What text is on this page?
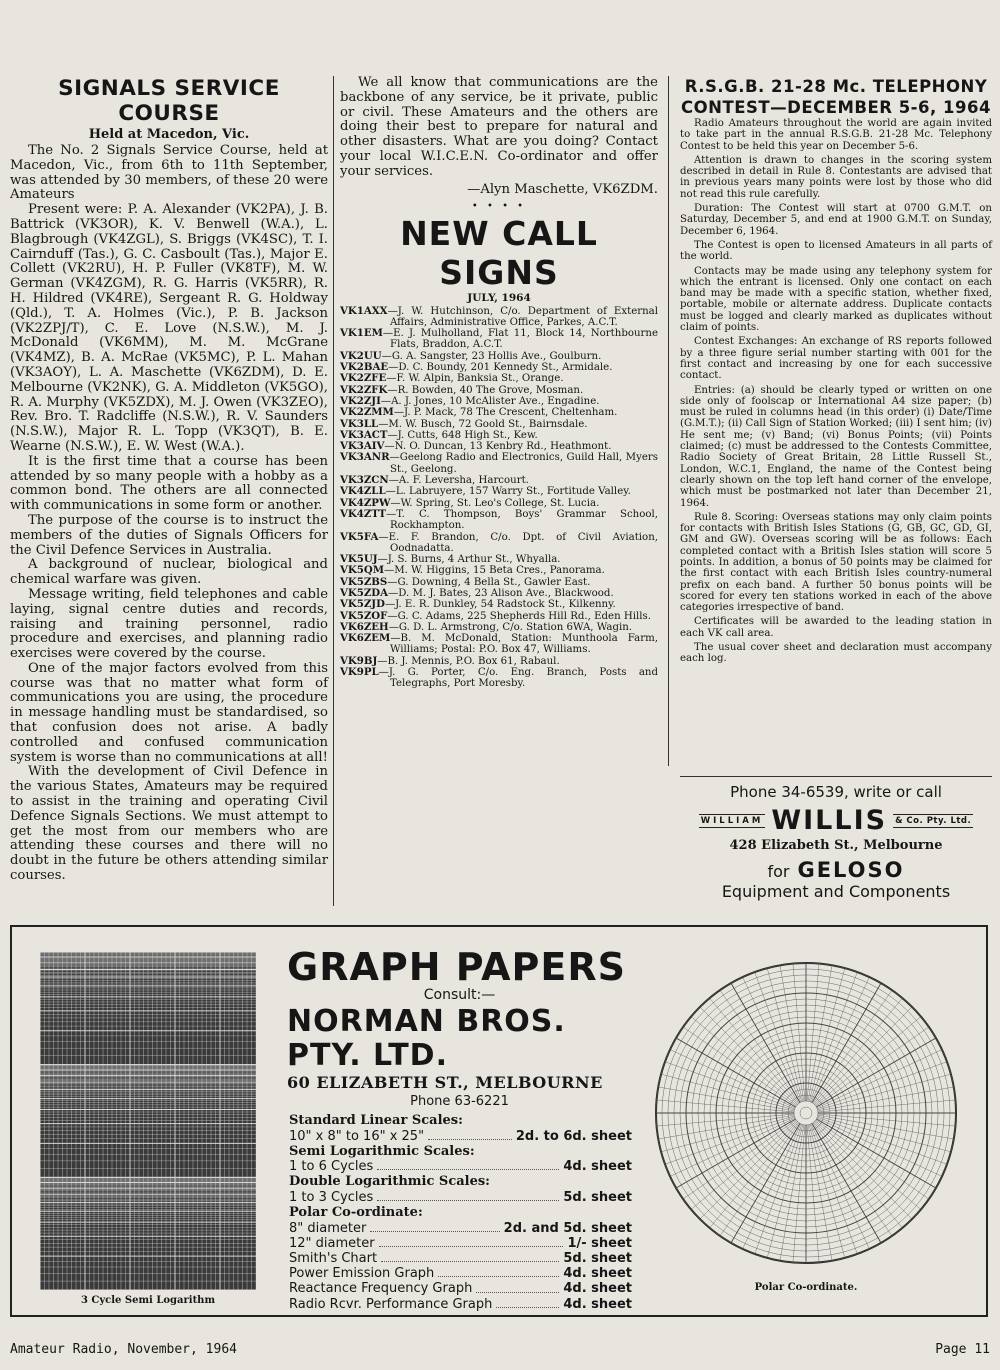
SIGNALS SERVICE COURSE
Held at Macedon, Vic.

The No. 2 Signals Service Course, held at Macedon, Vic., from 6th to 11th September, was attended by 30 members, of these 20 were Amateurs

Present were: P. A. Alexander (VK2PA), J. B. Battrick (VK3OR), K. V. Benwell (W.A.), L. Blagbrough (VK4ZGL), S. Briggs (VK4SC), T. I. Cairnduff (Tas.), G. C. Casboult (Tas.), Major E. Collett (VK2RU), H. P. Fuller (VK8TF), M. W. German (VK4ZGM), R. G. Harris (VK5RR), R. H. Hildred (VK4RE), Sergeant R. G. Holdway (Qld.), T. A. Holmes (Vic.), P. B. Jackson (VK2ZPJ/T), C. E. Love (N.S.W.), M. J. McDonald (VK6MM), M. M. McGrane (VK4MZ), B. A. McRae (VK5MC), P. L. Mahan (VK3AOY), L. A. Maschette (VK6ZDM), D. E. Melbourne (VK2NK), G. A. Middleton (VK5GO), R. A. Murphy (VK5ZDX), M. J. Owen (VK3ZEO), Rev. Bro. T. Radcliffe (N.S.W.), R. V. Saunders (N.S.W.), Major R. L. Topp (VK3QT), B. E. Wearne (N.S.W.), E. W. West (W.A.).

It is the first time that a course has been attended by so many people with a hobby as a common bond. The others are all connected with communications in some form or another.

The purpose of the course is to instruct the members of the duties of Signals Officers for the Civil Defence Services in Australia.

A background of nuclear, biological and chemical warfare was given.

Message writing, field telephones and cable laying, signal centre duties and records, raising and training personnel, radio procedure and exercises, and planning radio exercises were covered by the course.

One of the major factors evolved from this course was that no matter what form of communications you are using, the procedure in message handling must be standardised, so that confusion does not arise. A badly controlled and confused communication system is worse than no communications at all!

With the development of Civil Defence in the various States, Amateurs may be required to assist in the training and operating Civil Defence Signals Sections. We must attempt to get the most from our members who are attending these courses and there will no doubt in the future be others attending similar courses.

We all know that communications are the backbone of any service, be it private, public or civil. These Amateurs and the others are doing their best to prepare for natural and other disasters. What are you doing? Contact your local W.I.C.E.N. Co-ordinator and offer your services.

—Alyn Maschette, VK6ZDM.

• • • •
NEW CALL SIGNS
JULY, 1964

VK1AXX—J. W. Hutchinson, C/o. Department of External Affairs, Administrative Office, Parkes, A.C.T.

VK1EM—E. J. Mulholland, Flat 11, Block 14, Northbourne Flats, Braddon, A.C.T.

VK2UU—G. A. Sangster, 23 Hollis Ave., Goulburn.

VK2BAE—D. C. Boundy, 201 Kennedy St., Armidale.

VK2ZFE—F. W. Alpin, Banksia St., Orange.

VK2ZFK—R. Bowden, 40 The Grove, Mosman.

VK2ZJI—A. J. Jones, 10 McAlister Ave., Engadine.

VK2ZMM—J. P. Mack, 78 The Crescent, Cheltenham.

VK3LL—M. W. Busch, 72 Goold St., Bairnsdale.

VK3ACT—J. Cutts, 648 High St., Kew.

VK3AIV—N. O. Duncan, 13 Kenbry Rd., Heathmont.

VK3ANR—Geelong Radio and Electronics, Guild Hall, Myers St., Geelong.

VK3ZCN—A. F. Leversha, Harcourt.

VK4ZLL—L. Labruyere, 157 Warry St., Fortitude Valley.

VK4ZPW—W. Spring, St. Leo's College, St. Lucia.

VK4ZTT—T. C. Thompson, Boys' Grammar School, Rockhampton.

VK5FA—E. F. Brandon, C/o. Dpt. of Civil Aviation, Oodnadatta.

VK5UJ—J. S. Burns, 4 Arthur St., Whyalla.

VK5QM—M. W. Higgins, 15 Beta Cres., Panorama.

VK5ZBS—G. Downing, 4 Bella St., Gawler East.

VK5ZDA—D. M. J. Bates, 23 Alison Ave., Blackwood.

VK5ZJD—J. E. R. Dunkley, 54 Radstock St., Kilkenny.

VK5ZOF—G. C. Adams, 225 Shepherds Hill Rd., Eden Hills.

VK6ZEH—G. D. L. Armstrong, C/o. Station 6WA, Wagin.

VK6ZEM—B. M. McDonald, Station: Munthoola Farm, Williams; Postal: P.O. Box 47, Williams.

VK9BJ—B. J. Mennis, P.O. Box 61, Rabaul.

VK9PL—J. G. Porter, C/o. Eng. Branch, Posts and Telegraphs, Port Moresby.

R.S.G.B. 21-28 Mc. TELEPHONY
CONTEST—DECEMBER 5-6, 1964

Radio Amateurs throughout the world are again invited to take part in the annual R.S.G.B. 21-28 Mc. Telephony Contest to be held this year on December 5-6.

Attention is drawn to changes in the scoring system described in detail in Rule 8. Contestants are advised that in previous years many points were lost by those who did not read this rule carefully.

Duration: The Contest will start at 0700 G.M.T. on Saturday, December 5, and end at 1900 G.M.T. on Sunday, December 6, 1964.

The Contest is open to licensed Amateurs in all parts of the world.

Contacts may be made using any telephony system for which the entrant is licensed. Only one contact on each band may be made with a specific station, whether fixed, portable, mobile or alternate address. Duplicate contacts must be logged and clearly marked as duplicates without claim of points.

Contest Exchanges: An exchange of RS reports followed by a three figure serial number starting with 001 for the first contact and increasing by one for each successive contact.

Entries: (a) should be clearly typed or written on one side only of foolscap or International A4 size paper; (b) must be ruled in columns head (in this order) (i) Date/Time (G.M.T.); (ii) Call Sign of Station Worked; (iii) I sent him; (iv) He sent me; (v) Band; (vi) Bonus Points; (vii) Points claimed; (c) must be addressed to the Contests Committee, Radio Society of Great Britain, 28 Little Russell St., London, W.C.1, England, the name of the Contest being clearly shown on the top left hand corner of the envelope, which must be postmarked not later than December 21, 1964.

Rule 8. Scoring: Overseas stations may only claim points for contacts with British Isles Stations (G, GB, GC, GD, GI, GM and GW). Overseas scoring will be as follows: Each completed contact with a British Isles station will score 5 points. In addition, a bonus of 50 points may be claimed for the first contact with each British Isles country-numeral prefix on each band. A further 50 bonus points will be scored for every ten stations worked in each of the above categories irrespective of band.

Certificates will be awarded to the leading station in each VK call area.

The usual cover sheet and declaration must accompany each log.

Phone 34-6539, write or call
WILLIAM WILLIS & Co. Pty. Ltd.
428 Elizabeth St., Melbourne
for GELOSO
Equipment and Components
3 Cycle Semi Logarithm
GRAPH PAPERS
Consult:—
NORMAN BROS. PTY. LTD.
60 ELIZABETH ST., MELBOURNE
Phone 63-6221
Standard Linear Scales:
10" x 8" to 16" x 25"	2d. to 6d. sheet
Semi Logarithmic Scales:
1 to 6 Cycles	4d. sheet
Double Logarithmic Scales:
1 to 3 Cycles	5d. sheet
Polar Co-ordinate:
8" diameter	2d. and 5d. sheet
12" diameter	1/- sheet
Smith's Chart	5d. sheet
Power Emission Graph	4d. sheet
Reactance Frequency Graph	4d. sheet
Radio Rcvr. Performance Graph	4d. sheet
Polar Co-ordinate.
Amateur Radio, November, 1964	Page 11
